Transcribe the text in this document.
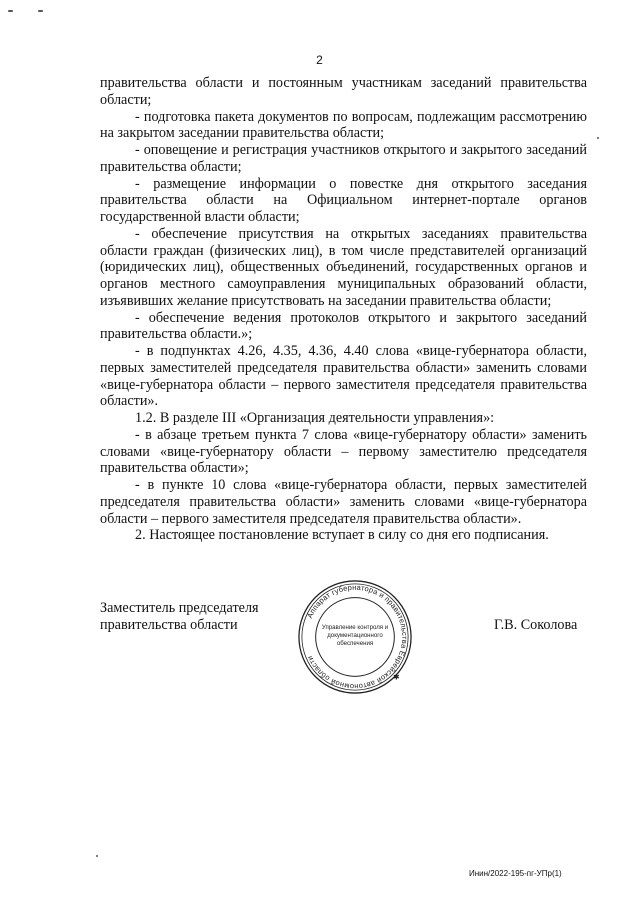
2

правительства области и постоянным участникам заседаний правительства области;

- подготовка пакета документов по вопросам, подлежащим рассмотрению на закрытом заседании правительства области;

- оповещение и регистрация участников открытого и закрытого заседаний правительства области;

- размещение информации о повестке дня открытого заседания правительства области на Официальном интернет-портале органов государственной власти области;

- обеспечение присутствия на открытых заседаниях правительства области граждан (физических лиц), в том числе представителей организаций (юридических лиц), общественных объединений, государственных органов и органов местного самоуправления муниципальных образований области, изъявивших желание присутствовать на заседании правительства области;

- обеспечение ведения протоколов открытого и закрытого заседаний правительства области.»;

- в подпунктах 4.26, 4.35, 4.36, 4.40 слова «вице-губернатора области, первых заместителей председателя правительства области» заменить словами «вице-губернатора области – первого заместителя председателя правительства области».

1.2. В разделе III «Организация деятельности управления»:

- в абзаце третьем пункта 7 слова «вице-губернатору области» заменить словами «вице-губернатору области – первому заместителю председателя правительства области»;

- в пункте 10 слова «вице-губернатора области, первых заместителей председателя правительства области» заменить словами «вице-губернатора области – первого заместителя председателя правительства области».

2. Настоящее постановление вступает в силу со дня его подписания.

Заместитель председателя
правительства области	Г.В. Соколова
Аппарат губернатора и правительства Еврейской автономной области
Управление контроля и
документационного
обеспечения
✱
Инин/2022-195-пг-УПр(1)
